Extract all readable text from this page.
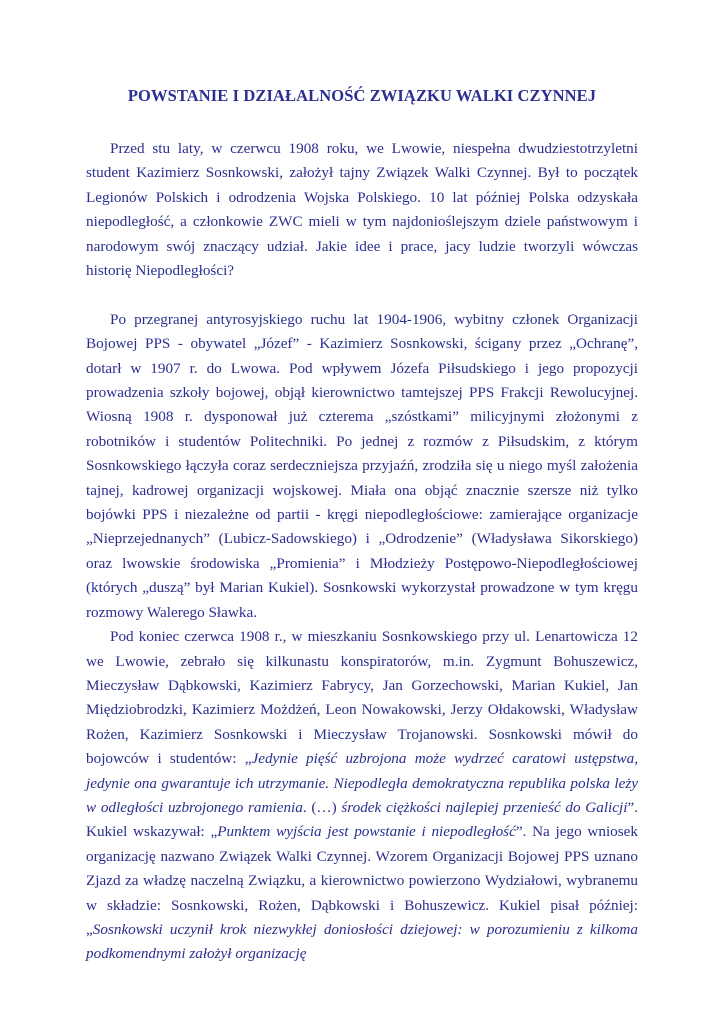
POWSTANIE I DZIAŁALNOŚĆ ZWIĄZKU WALKI CZYNNEJ

Przed stu laty, w czerwcu 1908 roku, we Lwowie, niespełna dwudziestotrzyletni student Kazimierz Sosnkowski, założył tajny Związek Walki Czynnej. Był to początek Legionów Polskich i odrodzenia Wojska Polskiego. 10 lat później Polska odzyskała niepodległość, a członkowie ZWC mieli w tym najdonioślejszym dziele państwowym i narodowym swój znaczący udział. Jakie idee i prace, jacy ludzie tworzyli wówczas historię Niepodległości?

Po przegranej antyrosyjskiego ruchu lat 1904-1906, wybitny członek Organizacji Bojowej PPS - obywatel „Józef” - Kazimierz Sosnkowski, ścigany przez „Ochranę”, dotarł w 1907 r. do Lwowa. Pod wpływem Józefa Piłsudskiego i jego propozycji prowadzenia szkoły bojowej, objął kierownictwo tamtejszej PPS Frakcji Rewolucyjnej. Wiosną 1908 r. dysponował już czterema „szóstkami” milicyjnymi złożonymi z robotników i studentów Politechniki. Po jednej z rozmów z Piłsudskim, z którym Sosnkowskiego łączyła coraz serdeczniejsza przyjaźń, zrodziła się u niego myśl założenia tajnej, kadrowej organizacji wojskowej. Miała ona objąć znacznie szersze niż tylko bojówki PPS i niezależne od partii - kręgi niepodległościowe: zamierające organizacje „Nieprzejednanych” (Lubicz-Sadowskiego) i „Odrodzenie” (Władysława Sikorskiego) oraz lwowskie środowiska „Promienia” i Młodzieży Postępowo-Niepodległościowej (których „duszą” był Marian Kukiel). Sosnkowski wykorzystał prowadzone w tym kręgu rozmowy Walerego Sławka.

Pod koniec czerwca 1908 r., w mieszkaniu Sosnkowskiego przy ul. Lenartowicza 12 we Lwowie, zebrało się kilkunastu konspiratorów, m.in. Zygmunt Bohuszewicz, Mieczysław Dąbkowski, Kazimierz Fabrycy, Jan Gorzechowski, Marian Kukiel, Jan Międziobrodzki, Kazimierz Możdżeń, Leon Nowakowski, Jerzy Ołdakowski, Władysław Rożen, Kazimierz Sosnkowski i Mieczysław Trojanowski. Sosnkowski mówił do bojowców i studentów: „Jedynie pięść uzbrojona może wydrzeć caratowi ustępstwa, jedynie ona gwarantuje ich utrzymanie. Niepodległa demokratyczna republika polska leży w odległości uzbrojonego ramienia. (…) środek ciężkości najlepiej przenieść do Galicji”. Kukiel wskazywał: „Punktem wyjścia jest powstanie i niepodległość”. Na jego wniosek organizację nazwano Związek Walki Czynnej. Wzorem Organizacji Bojowej PPS uznano Zjazd za władzę naczelną Związku, a kierownictwo powierzono Wydziałowi, wybranemu w składzie: Sosnkowski, Rożen, Dąbkowski i Bohuszewicz. Kukiel pisał później: „Sosnkowski uczynił krok niezwykłej doniosłości dziejowej: w porozumieniu z kilkoma podkomendnymi założył organizację
